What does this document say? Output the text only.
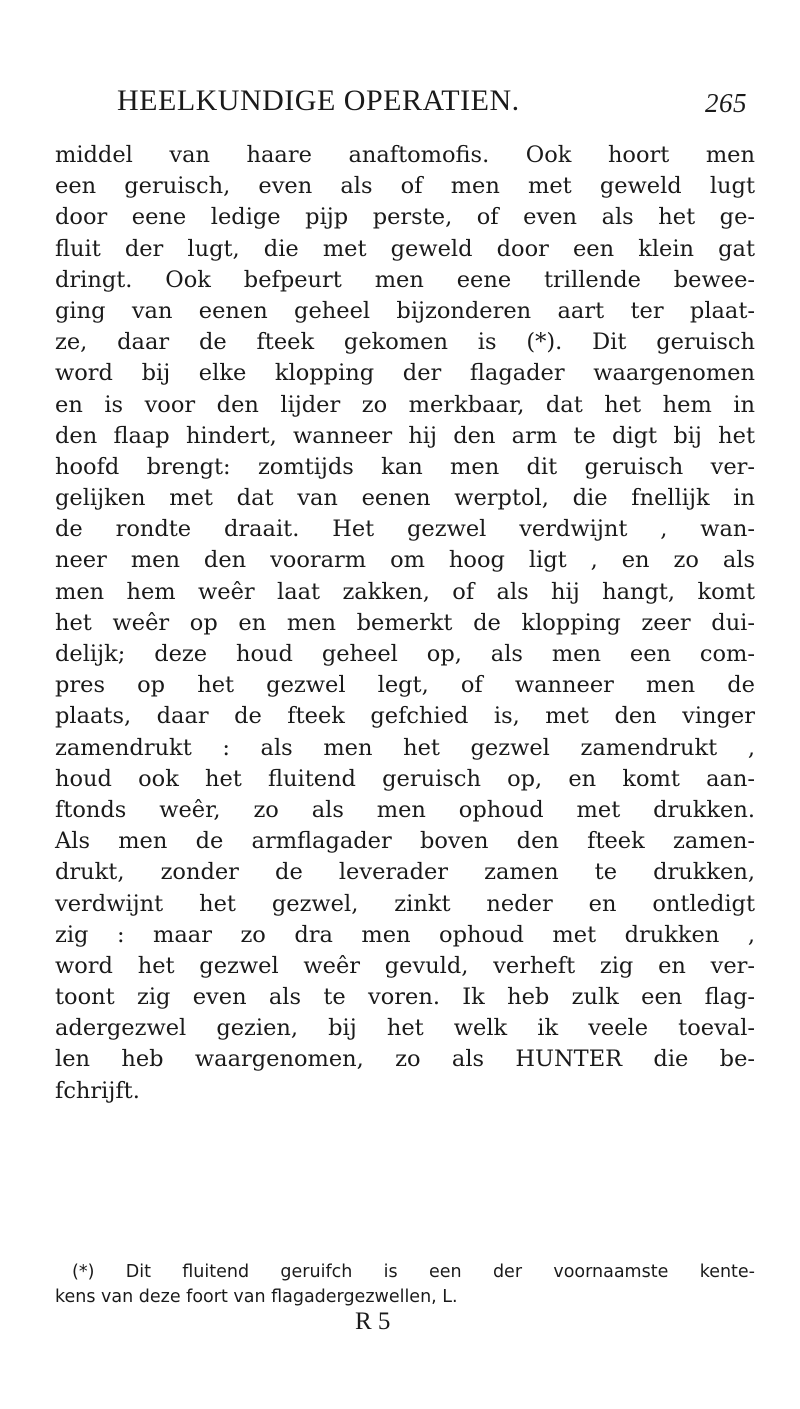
HEELKUNDIGE OPERATIEN.	265
middel van haare anaftomofis. Ook hoort men
een geruisch, even als of men met geweld lugt
door eene ledige pijp perste, of even als het ge-
fluit der lugt, die met geweld door een klein gat
dringt. Ook befpeurt men eene trillende bewee-
ging van eenen geheel bijzonderen aart ter plaat-
ze, daar de fteek gekomen is (*). Dit geruisch
word bij elke klopping der flagader waargenomen
en is voor den lijder zo merkbaar, dat het hem in
den flaap hindert, wanneer hij den arm te digt bij het
hoofd brengt: zomtijds kan men dit geruisch ver-
gelijken met dat van eenen werptol, die fnellijk in
de rondte draait. Het gezwel verdwijnt , wan-
neer men den voorarm om hoog ligt , en zo als
men hem weêr laat zakken, of als hij hangt, komt
het weêr op en men bemerkt de klopping zeer dui-
delijk; deze houd geheel op, als men een com-
pres op het gezwel legt, of wanneer men de
plaats, daar de fteek gefchied is, met den vinger
zamendrukt : als men het gezwel zamendrukt ,
houd ook het fluitend geruisch op, en komt aan-
ftonds weêr, zo als men ophoud met drukken.
Als men de armflagader boven den fteek zamen-
drukt, zonder de leverader zamen te drukken,
verdwijnt het gezwel, zinkt neder en ontledigt
zig : maar zo dra men ophoud met drukken ,
word het gezwel weêr gevuld, verheft zig en ver-
toont zig even als te voren. Ik heb zulk een flag-
adergezwel gezien, bij het welk ik veele toeval-
len heb waargenomen, zo als HUNTER die be-
fchrijft.
(*) Dit fluitend geruifch is een der voornaamste kente-
kens van deze foort van flagadergezwellen, L.
R 5
